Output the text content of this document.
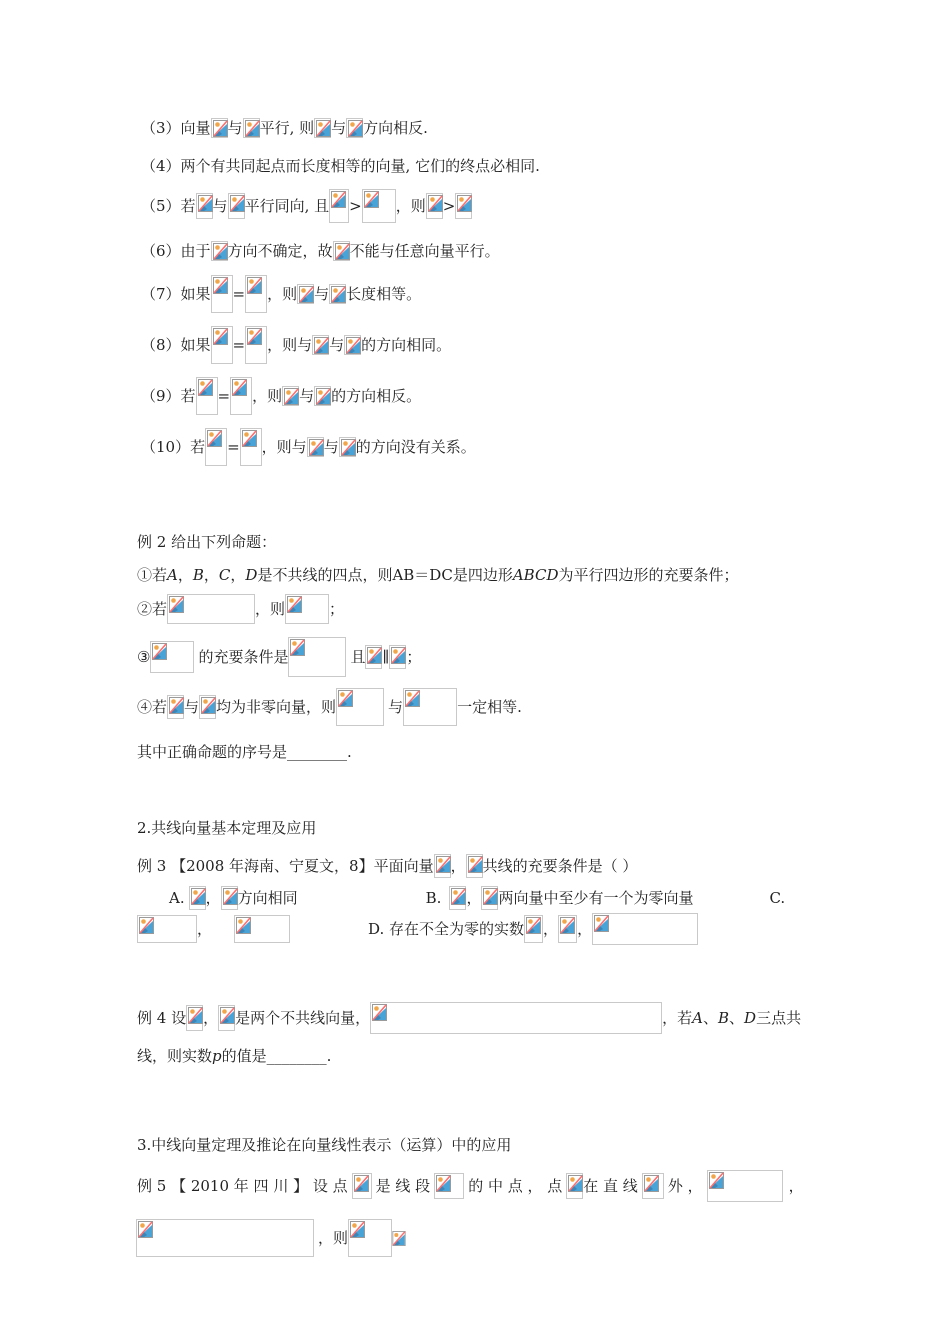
（3）向量 与 平行, 则 与 方向相反.
（4）两个有共同起点而长度相等的向量, 它们的终点必相同.
（5）若 与 平行同向, 且 > ，则 >
（6）由于 方向不确定，故 不能与任意向量平行。
（7）如果 = ，则 与 长度相等。
（8）如果 = ，则与 与 的方向相同。
（9）若 = ，则 与 的方向相反。
（10）若 = ，则与 与 的方向没有关系。
例 2 给出下列命题：
①若A，B，C，D是不共线的四点，则AB＝DC是四边形ABCD为平行四边形的充要条件；
②若	，则	；
③	的充要条件是	且 ∥ ；
④若 与 均为非零向量，则	与	一定相等.
其中正确命题的序号是________.
2.共线向量基本定理及应用
例 3 【2008 年海南、宁夏文，8】平面向量 ， 共线的充要条件是（ ）
A. ， 方向相同	B. ， 两向量中至少有一个为零向量	C.
，	D. 存在不全为零的实数 ， ，
例 4 设 ， 是两个不共线向量，	，若A、B、D三点共
线，则实数p的值是________.
3.中线向量定理及推论在向量线性表示（运算）中的应用
例 5 【 2010 年 四 川 】 设 点 是 线 段	的 中 点 ， 点 在 直 线 外 ，	，
，则
